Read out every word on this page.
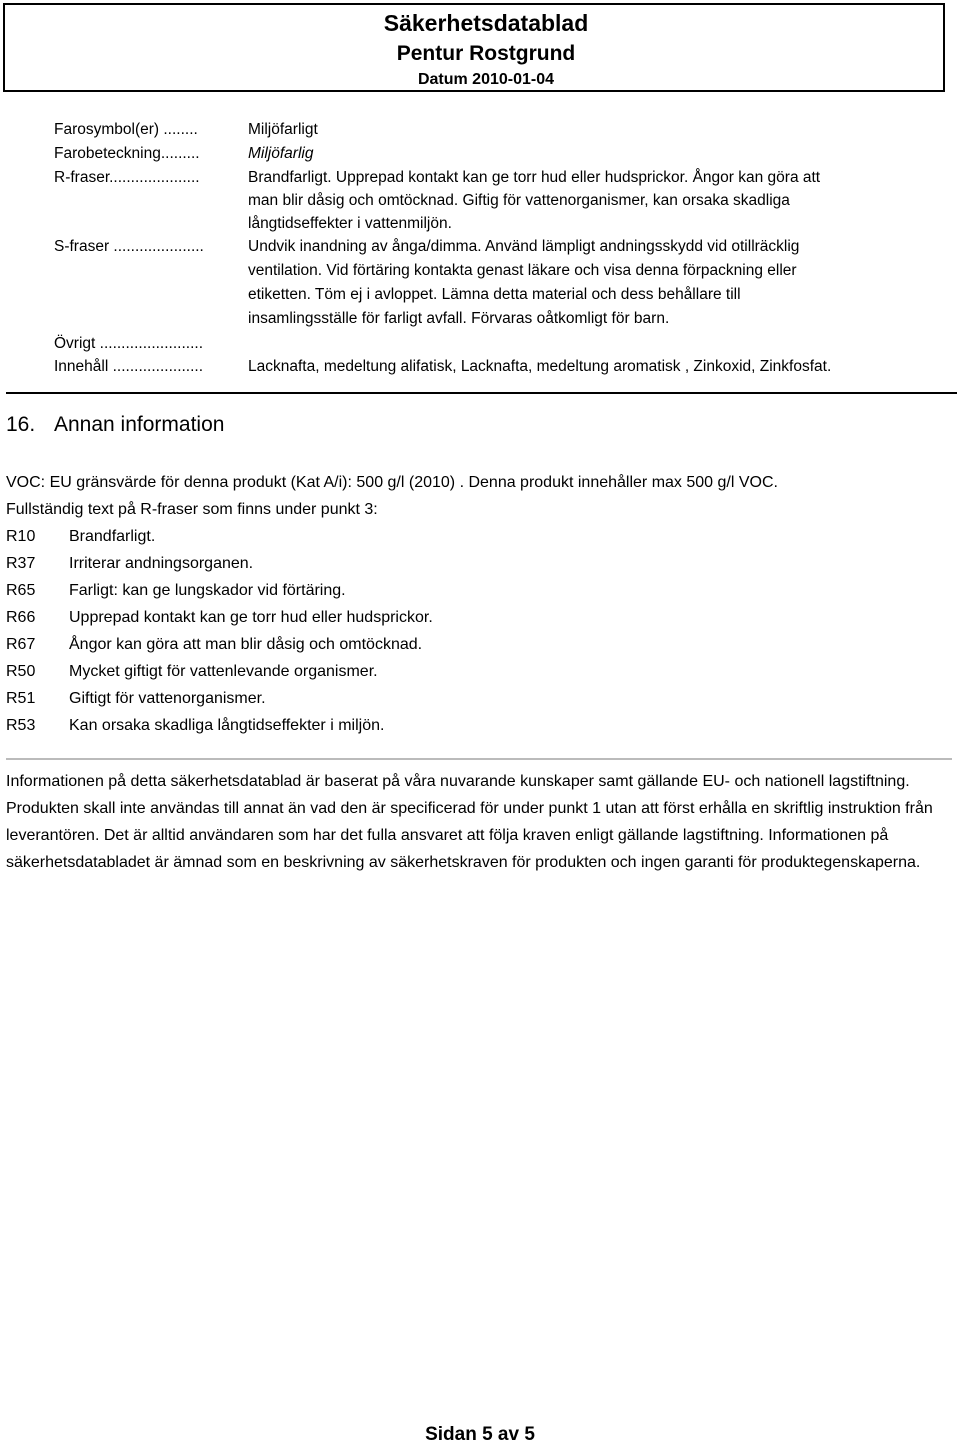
Säkerhetsdatablad
Pentur Rostgrund
Datum 2010-01-04
Farosymbol(er) ........	Miljöfarligt
Farobeteckning.........	Miljöfarlig
R-fraser.....................	Brandfarligt. Upprepad kontakt kan ge torr hud eller hudsprickor. Ångor kan göra att
man blir dåsig och omtöcknad. Giftig för vattenorganismer, kan orsaka skadliga
långtidseffekter i vattenmiljön.
S-fraser .....................	Undvik inandning av ånga/dimma. Använd lämpligt andningsskydd vid otillräcklig
ventilation. Vid förtäring kontakta genast läkare och visa denna förpackning eller
etiketten. Töm ej i avloppet. Lämna detta material och dess behållare till
insamlingsställe för farligt avfall. Förvaras oåtkomligt för barn.
Övrigt ........................
Innehåll .....................	Lacknafta, medeltung alifatisk, Lacknafta, medeltung aromatisk , Zinkoxid, Zinkfosfat.
16. Annan information
VOC: EU gränsvärde för denna produkt (Kat A/i): 500 g/l (2010) . Denna produkt innehåller max 500 g/l VOC.
Fullständig text på R-fraser som finns under punkt 3:
R10 Brandfarligt.
R37 Irriterar andningsorganen.
R65 Farligt: kan ge lungskador vid förtäring.
R66 Upprepad kontakt kan ge torr hud eller hudsprickor.
R67 Ångor kan göra att man blir dåsig och omtöcknad.
R50 Mycket giftigt för vattenlevande organismer.
R51 Giftigt för vattenorganismer.
R53 Kan orsaka skadliga långtidseffekter i miljön.
Informationen på detta säkerhetsdatablad är baserat på våra nuvarande kunskaper samt gällande EU- och nationell lagstiftning. Produkten skall inte användas till annat än vad den är specificerad för under punkt 1 utan att först erhålla en skriftlig instruktion från leverantören. Det är alltid användaren som har det fulla ansvaret att följa kraven enligt gällande lagstiftning. Informationen på säkerhetsdatabladet är ämnad som en beskrivning av säkerhetskraven för produkten och ingen garanti för produktegenskaperna.
Sidan 5 av 5
